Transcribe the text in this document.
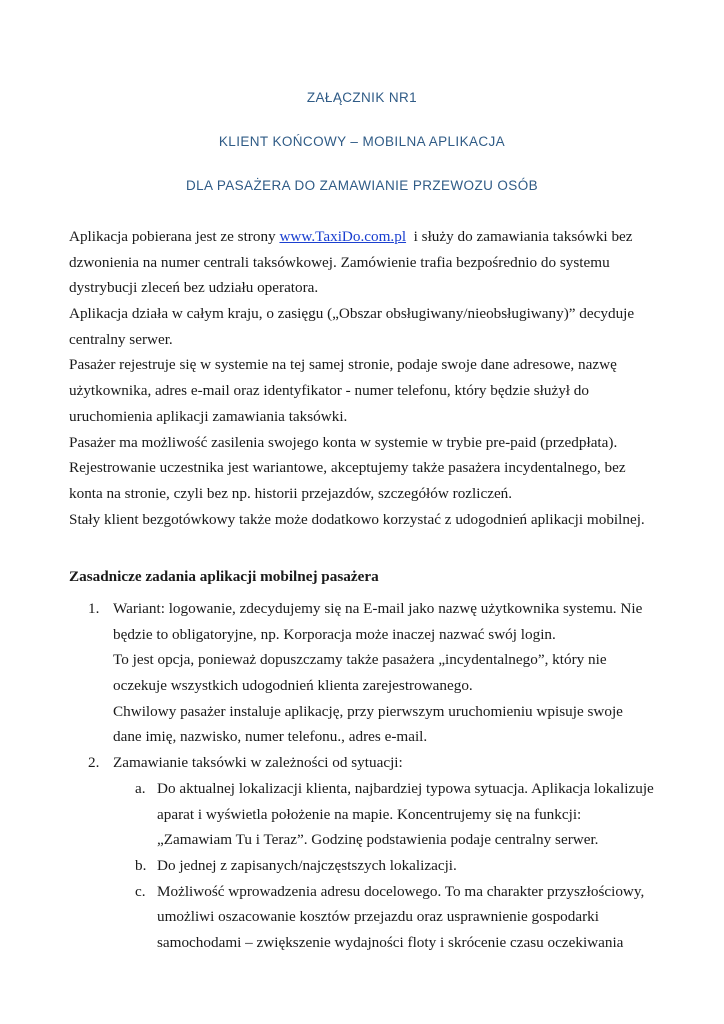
ZAŁĄCZNIK NR1
KLIENT KOŃCOWY – MOBILNA APLIKACJA
DLA PASAŻERA DO ZAMAWIANIE PRZEWOZU OSÓB
Aplikacja pobierana jest ze strony www.TaxiDo.com.pl  i służy do zamawiania taksówki bez
dzwonienia na numer centrali taksówkowej. Zamówienie trafia bezpośrednio do systemu
dystrybucji zleceń bez udziału operatora.
Aplikacja działa w całym kraju, o zasięgu („Obszar obsługiwany/nieobsługiwany)” decyduje
centralny serwer.
Pasażer rejestruje się w systemie na tej samej stronie, podaje swoje dane adresowe, nazwę
użytkownika, adres e-mail oraz identyfikator - numer telefonu, który będzie służył do
uruchomienia aplikacji zamawiania taksówki.
Pasażer ma możliwość zasilenia swojego konta w systemie w trybie pre-paid (przedpłata).
Rejestrowanie uczestnika jest wariantowe, akceptujemy także pasażera incydentalnego, bez
konta na stronie, czyli bez np. historii przejazdów, szczegółów rozliczeń.
Stały klient bezgotówkowy także może dodatkowo korzystać z udogodnień aplikacji mobilnej.
Zasadnicze zadania aplikacji mobilnej pasażera
1. Wariant: logowanie, zdecydujemy się na E-mail jako nazwę użytkownika systemu. Nie
będzie to obligatoryjne, np. Korporacja może inaczej nazwać swój login.
To jest opcja, ponieważ dopuszczamy także pasażera „incydentalnego”, który nie
oczekuje wszystkich udogodnień klienta zarejestrowanego.
Chwilowy pasażer instaluje aplikację, przy pierwszym uruchomieniu wpisuje swoje
dane imię, nazwisko, numer telefonu., adres e-mail.
2. Zamawianie taksówki w zależności od sytuacji:
a. Do aktualnej lokalizacji klienta, najbardziej typowa sytuacja. Aplikacja lokalizuje
aparat i wyświetla położenie na mapie. Koncentrujemy się na funkcji:
„Zamawiam Tu i Teraz”. Godzinę podstawienia podaje centralny serwer.
b. Do jednej z zapisanych/najczęstszych lokalizacji.
c. Możliwość wprowadzenia adresu docelowego. To ma charakter przyszłościowy,
umożliwi oszacowanie kosztów przejazdu oraz usprawnienie gospodarki
samochodami – zwiększenie wydajności floty i skrócenie czasu oczekiwania
